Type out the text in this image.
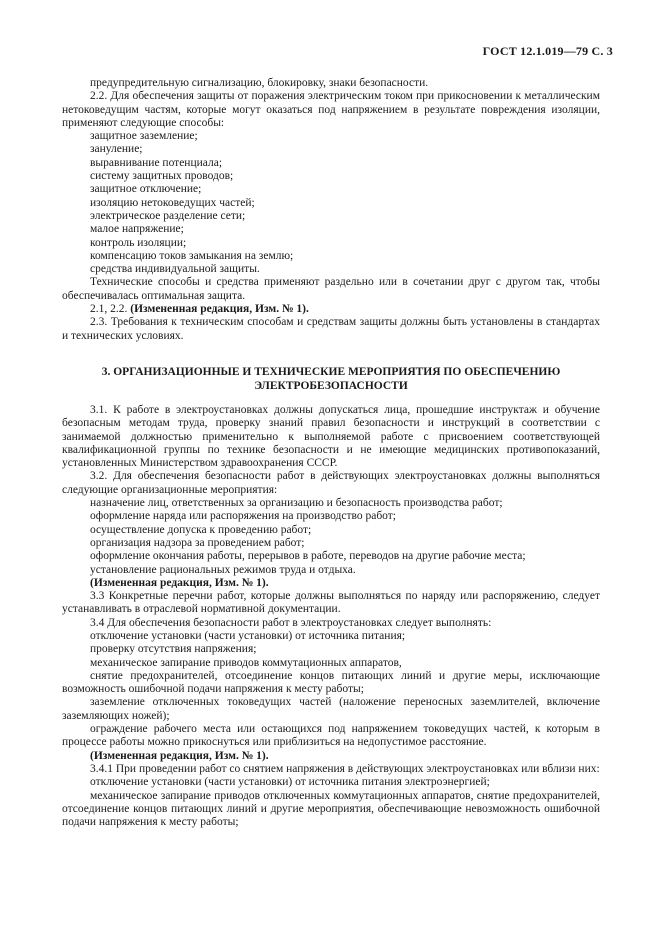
ГОСТ 12.1.019—79 С. 3

предупредительную сигнализацию, блокировку, знаки безопасности.

2.2. Для обеспечения защиты от поражения электрическим током при прикосновении к металлическим нетоковедущим частям, которые могут оказаться под напряжением в результате повреждения изоляции, применяют следующие способы:

защитное заземление;

зануление;

выравнивание потенциала;

систему защитных проводов;

защитное отключение;

изоляцию нетоковедущих частей;

электрическое разделение сети;

малое напряжение;

контроль изоляции;

компенсацию токов замыкания на землю;

средства индивидуальной защиты.

Технические способы и средства применяют раздельно или в сочетании друг с другом так, чтобы обеспечивалась оптимальная защита.

2.1, 2.2. (Измененная редакция, Изм. № 1).

2.3. Требования к техническим способам и средствам защиты должны быть установлены в стандартах и технических условиях.

3. ОРГАНИЗАЦИОННЫЕ И ТЕХНИЧЕСКИЕ МЕРОПРИЯТИЯ ПО ОБЕСПЕЧЕНИЮ ЭЛЕКТРОБЕЗОПАСНОСТИ

3.1. К работе в электроустановках должны допускаться лица, прошедшие инструктаж и обучение безопасным методам труда, проверку знаний правил безопасности и инструкций в соответствии с занимаемой должностью применительно к выполняемой работе с присвоением соответствующей квалификационной группы по технике безопасности и не имеющие медицинских противопоказаний, установленных Министерством здравоохранения СССР.

3.2. Для обеспечения безопасности работ в действующих электроустановках должны выполняться следующие организационные мероприятия:

назначение лиц, ответственных за организацию и безопасность производства работ;

оформление наряда или распоряжения на производство работ;

осуществление допуска к проведению работ;

организация надзора за проведением работ;

оформление окончания работы, перерывов в работе, переводов на другие рабочие места;

установление рациональных режимов труда и отдыха.

(Измененная редакция, Изм. № 1).

3.3 Конкретные перечни работ, которые должны выполняться по наряду или распоряжению, следует устанавливать в отраслевой нормативной документации.

3.4 Для обеспечения безопасности работ в электроустановках следует выполнять:

отключение установки (части установки) от источника питания;

проверку отсутствия напряжения;

механическое запирание приводов коммутационных аппаратов,

снятие предохранителей, отсоединение концов питающих линий и другие меры, исключающие возможность ошибочной подачи напряжения к месту работы;

заземление отключенных токоведущих частей (наложение переносных заземлителей, включение заземляющих ножей);

ограждение рабочего места или остающихся под напряжением токоведущих частей, к которым в процессе работы можно прикоснуться или приблизиться на недопустимое расстояние.

(Измененная редакция, Изм. № 1).

3.4.1 При проведении работ со снятием напряжения в действующих электроустановках или вблизи них:

отключение установки (части установки) от источника питания электроэнергией;

механическое запирание приводов отключенных коммутационных аппаратов, снятие предохранителей, отсоединение концов питающих линий и другие мероприятия, обеспечивающие невозможность ошибочной подачи напряжения к месту работы;
